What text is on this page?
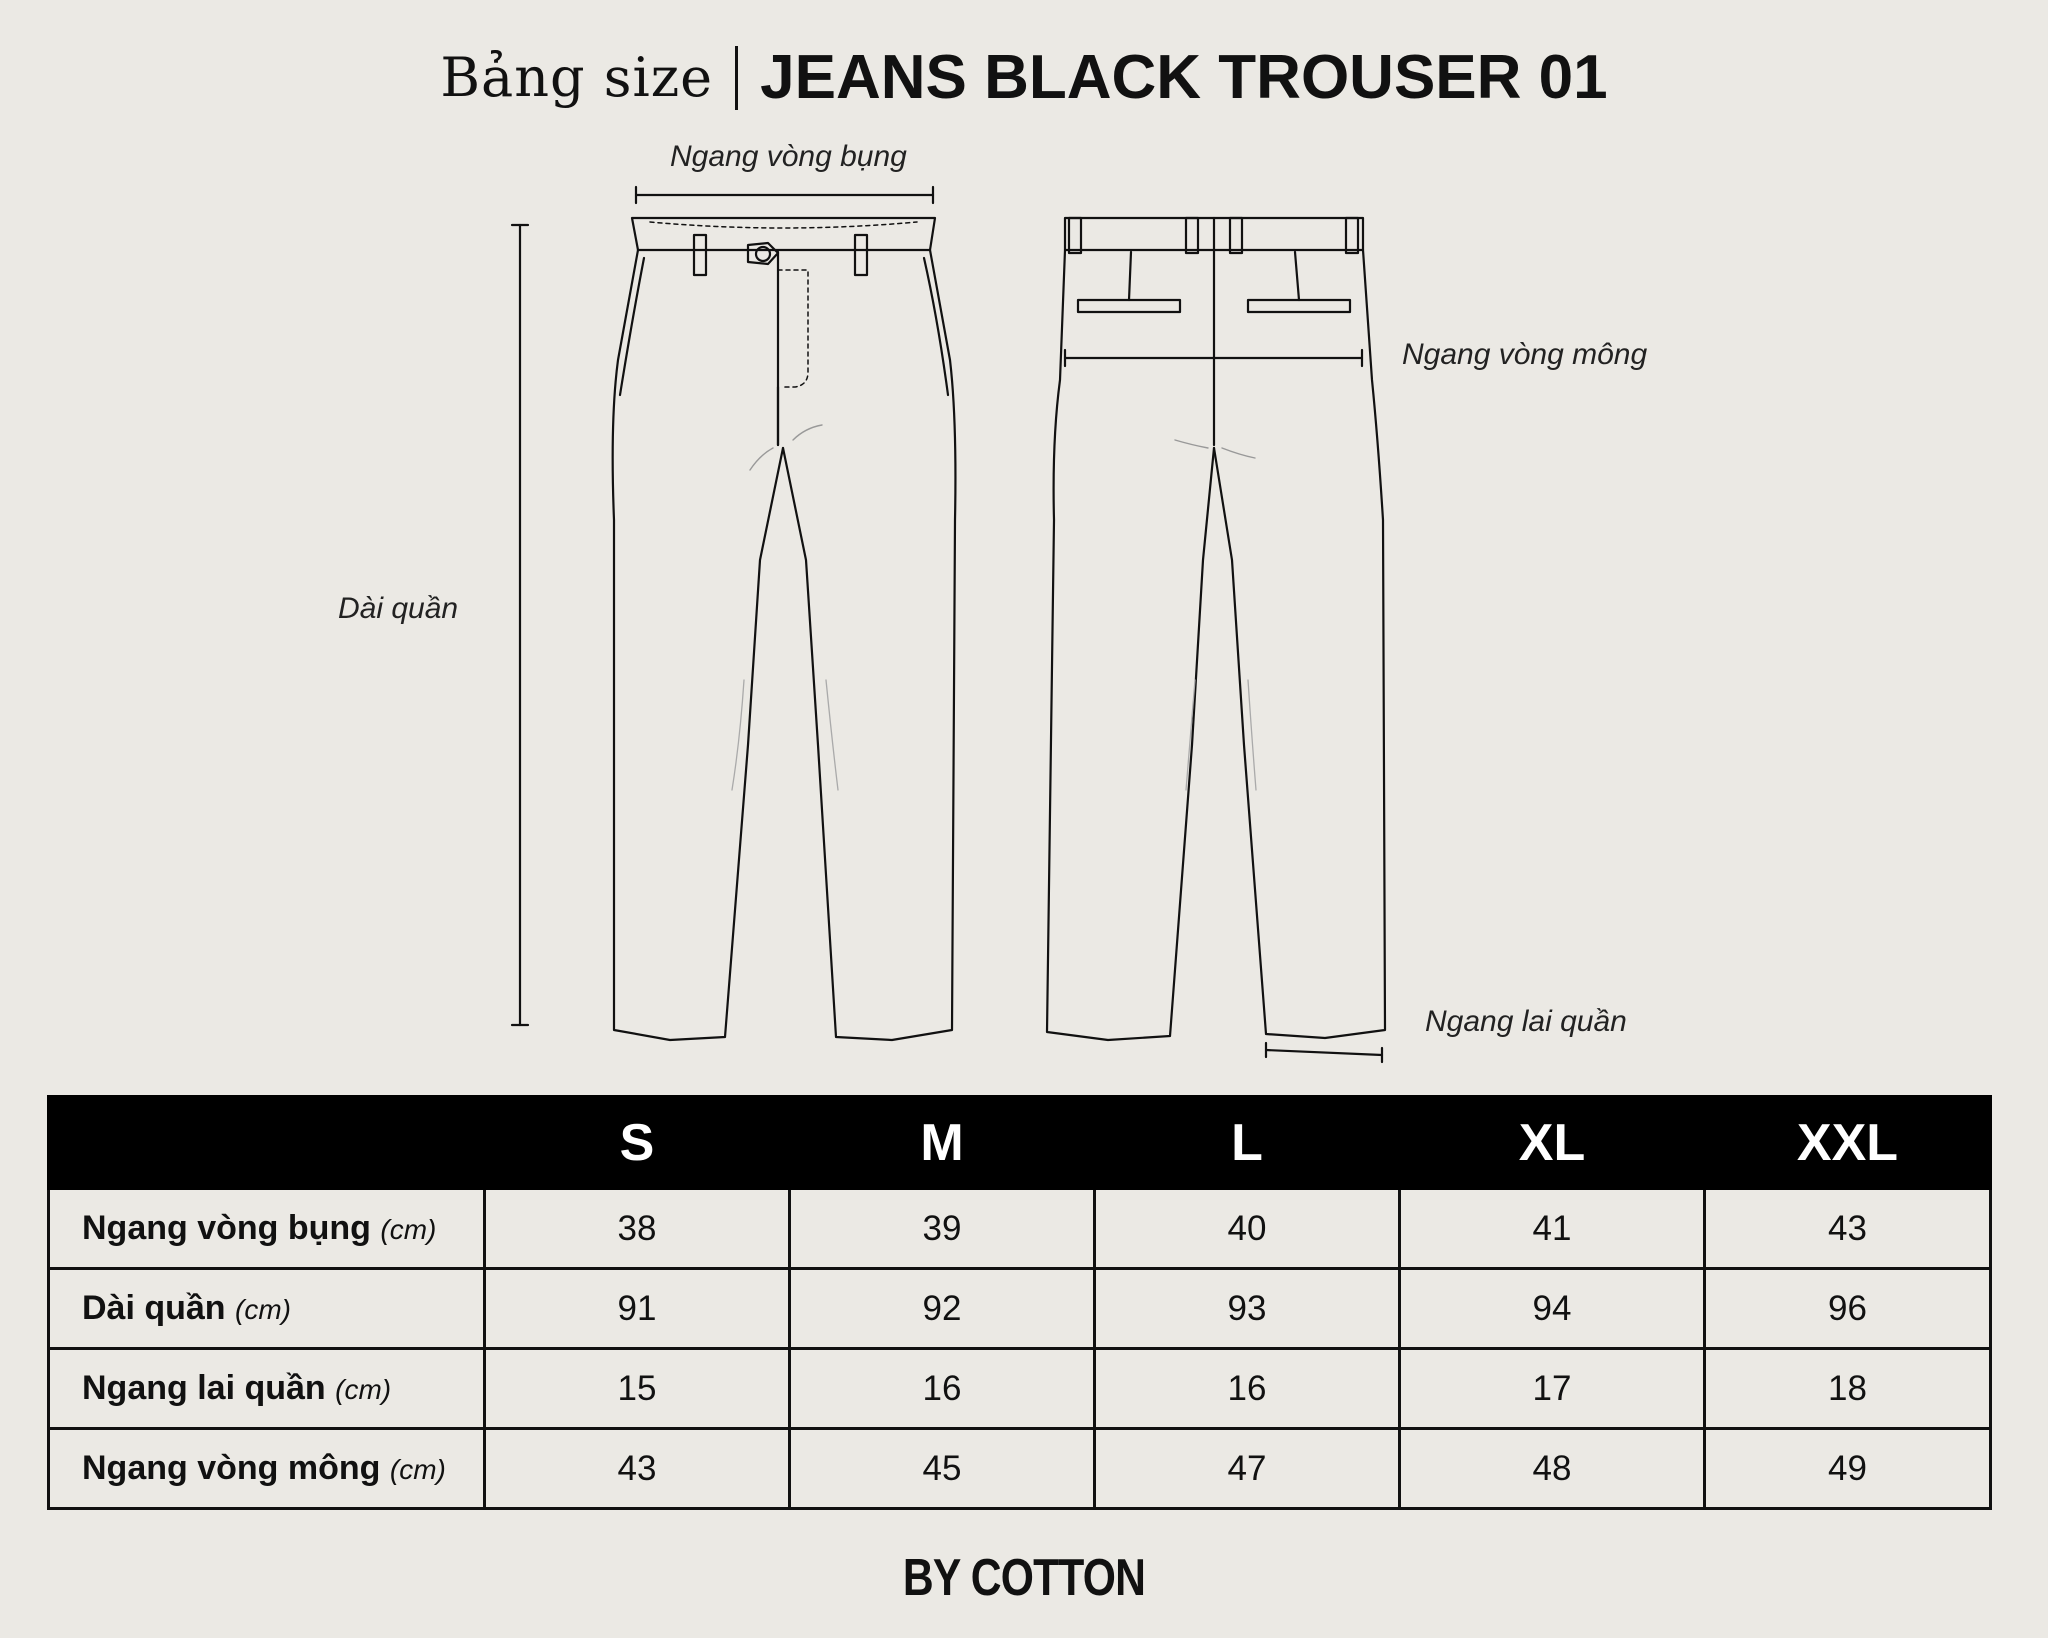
Bảng size JEANS BLACK TROUSER 01
Ngang vòng bụng
Dài quần
Ngang vòng mông
Ngang lai quần
	S	M	L	XL	XXL
Ngang vòng bụng (cm)	38	39	40	41	43
Dài quần (cm)	91	92	93	94	96
Ngang lai quần (cm)	15	16	16	17	18
Ngang vòng mông (cm)	43	45	47	48	49
BY COTTON
